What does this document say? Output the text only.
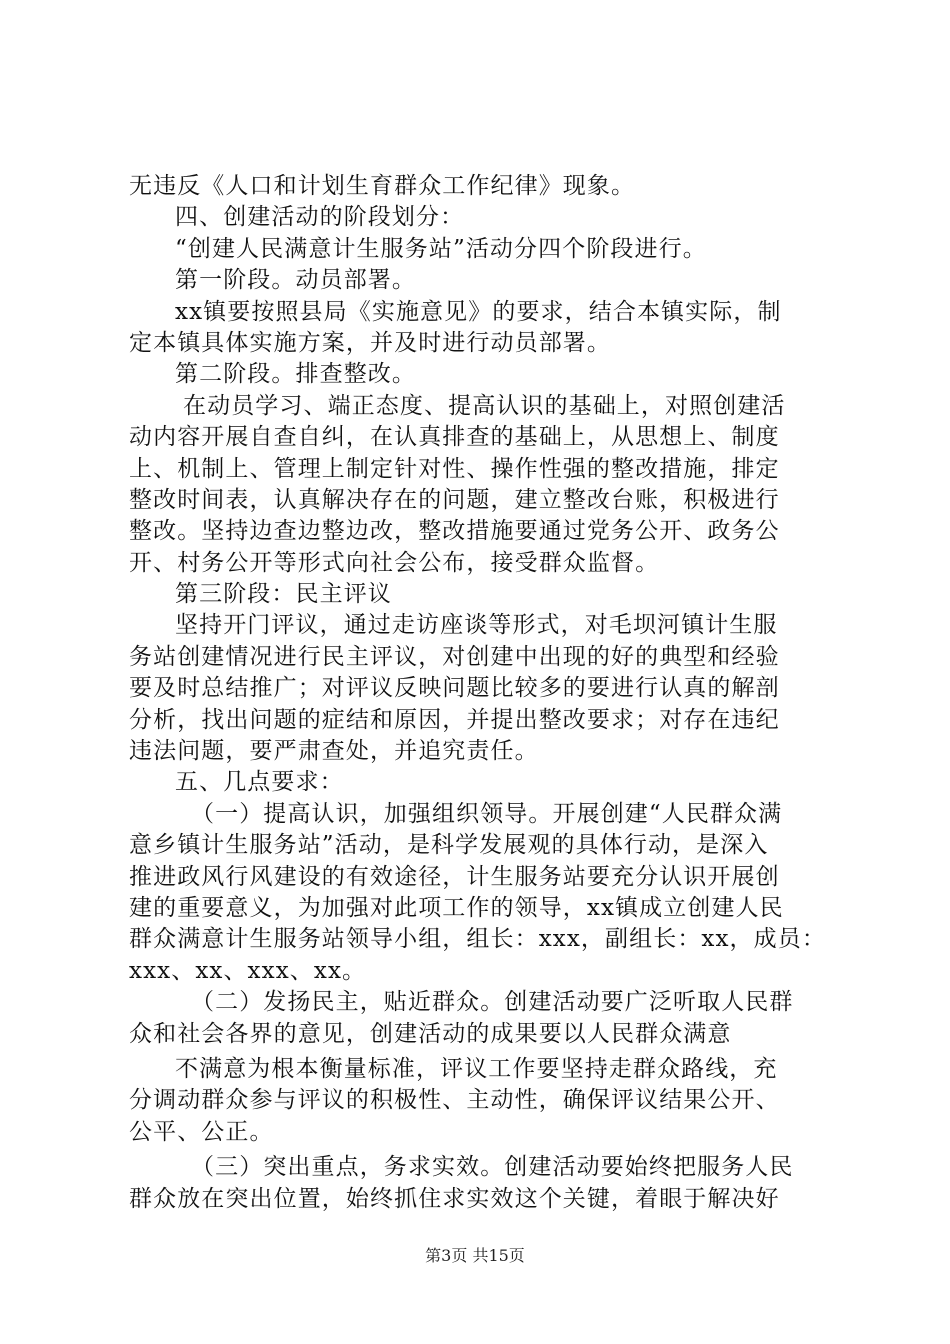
无违反《人口和计划生育群众工作纪律》现象。
四、创建活动的阶段划分：
“创建人民满意计生服务站”活动分四个阶段进行。
第一阶段。动员部署。
xx镇要按照县局《实施意见》的要求，结合本镇实际，制
定本镇具体实施方案，并及时进行动员部署。
第二阶段。排查整改。
在动员学习、端正态度、提高认识的基础上，对照创建活
动内容开展自查自纠，在认真排查的基础上，从思想上、制度
上、机制上、管理上制定针对性、操作性强的整改措施，排定
整改时间表，认真解决存在的问题，建立整改台账，积极进行
整改。坚持边查边整边改，整改措施要通过党务公开、政务公
开、村务公开等形式向社会公布，接受群众监督。
第三阶段：民主评议
坚持开门评议，通过走访座谈等形式，对毛坝河镇计生服
务站创建情况进行民主评议，对创建中出现的好的典型和经验
要及时总结推广；对评议反映问题比较多的要进行认真的解剖
分析，找出问题的症结和原因，并提出整改要求；对存在违纪
违法问题，要严肃查处，并追究责任。
五、几点要求：
（一）提高认识，加强组织领导。开展创建“人民群众满
意乡镇计生服务站”活动，是科学发展观的具体行动，是深入
推进政风行风建设的有效途径，计生服务站要充分认识开展创
建的重要意义，为加强对此项工作的领导，xx镇成立创建人民
群众满意计生服务站领导小组，组长：xxx，副组长：xx，成员：
xxx、xx、xxx、xx。
（二）发扬民主，贴近群众。创建活动要广泛听取人民群
众和社会各界的意见，创建活动的成果要以人民群众满意
不满意为根本衡量标准，评议工作要坚持走群众路线，充
分调动群众参与评议的积极性、主动性，确保评议结果公开、
公平、公正。
（三）突出重点，务求实效。创建活动要始终把服务人民
群众放在突出位置，始终抓住求实效这个关键，着眼于解决好
第3页 共15页
